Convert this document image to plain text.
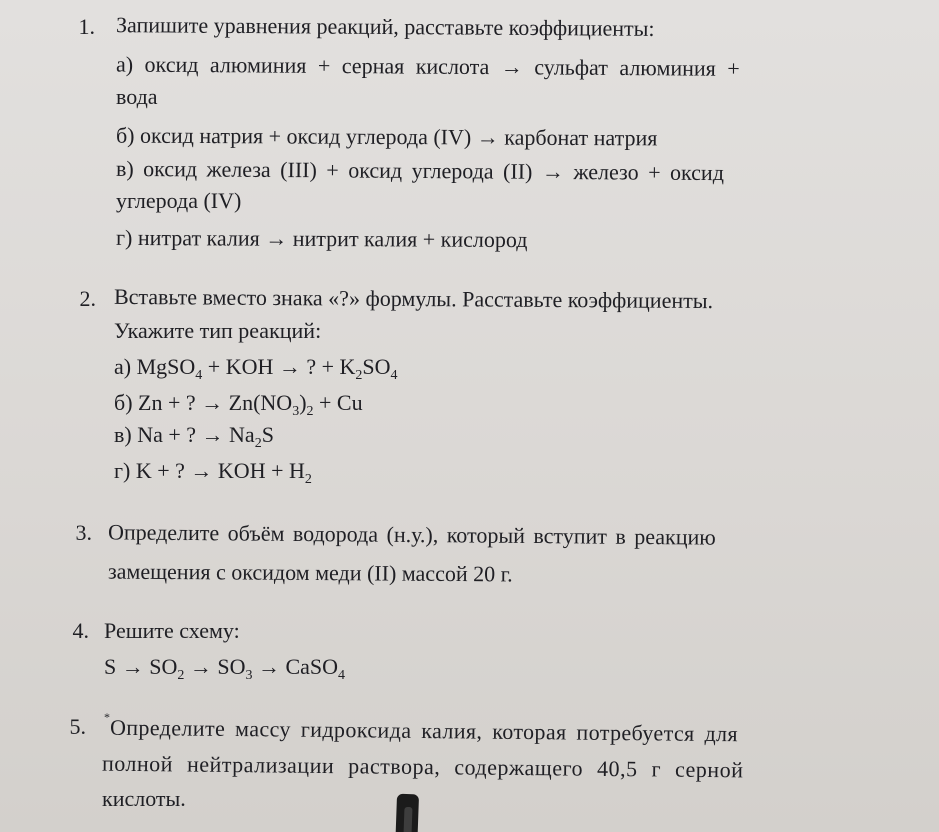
1. Запишите уравнения реакций, расставьте коэффициенты:
а) оксид алюминия + серная кислота → сульфат алюминия +
вода
б) оксид натрия + оксид углерода (IV) → карбонат натрия
в) оксид железа (III) + оксид углерода (II) → железо + оксид
углерода (IV)
г) нитрат калия → нитрит калия + кислород
2. Вставьте вместо знака «?» формулы. Расставьте коэффициенты.
Укажите тип реакций:
а) MgSO$_4$ + KOH → ? + $K_2SO_4$
б) Zn + ? → $Zn(NO_3)_2 + Cu$
в) Na + ? → $Na_2S$
г) K + ? → KOH + $H_2$
3. Определите объём водорода (н.у.), который вступит в реакцию
замещения с оксидом меди (II) массой 20 г.
4. Решите схему:
$S \to SO_2 \to SO_3$ → CaSO$_4$
5. * Определите массу гидроксида калия, которая потребуется для
полной нейтрализации раствора, содержащего 40,5 г серной
кислоты.
